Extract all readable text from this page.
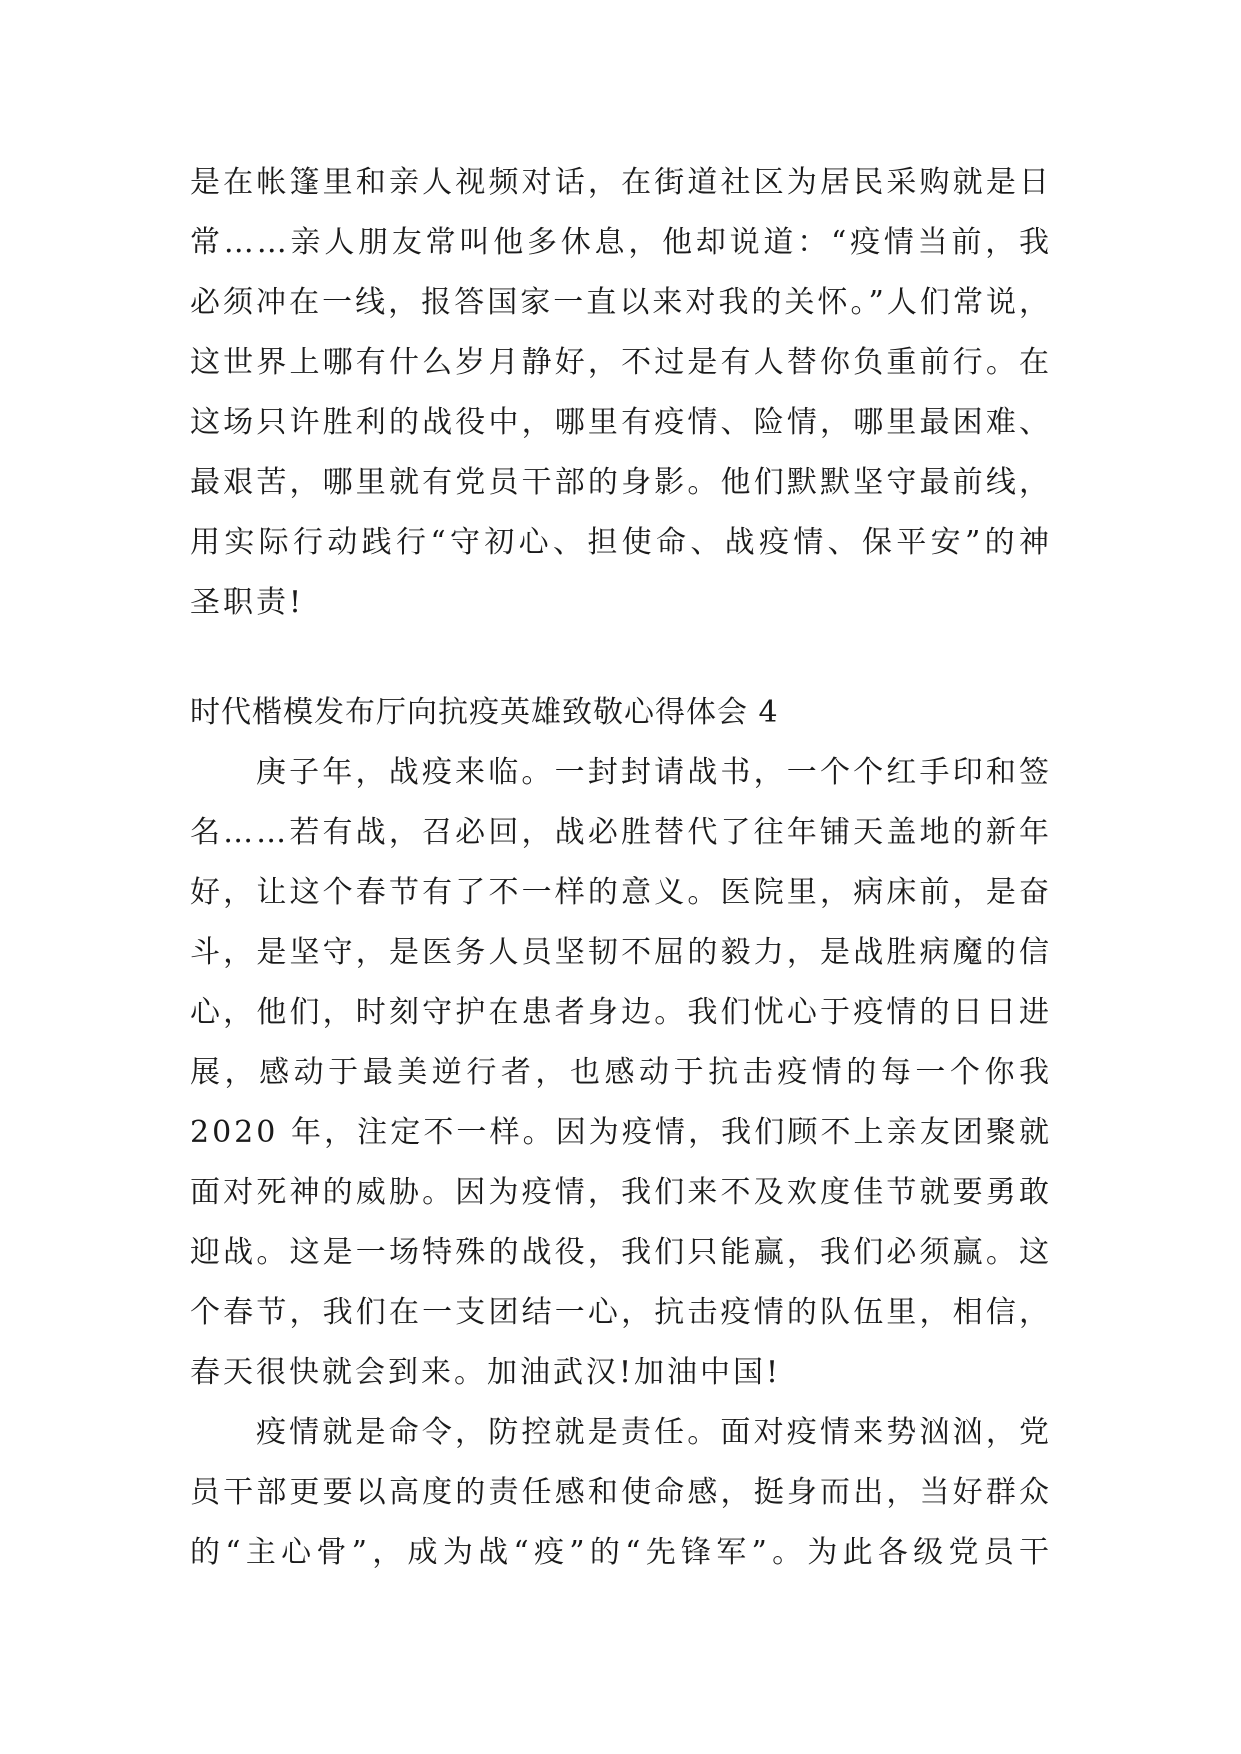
是在帐篷里和亲人视频对话，在街道社区为居民采购就是日
常……亲人朋友常叫他多休息，他却说道：“疫情当前，我
必须冲在一线，报答国家一直以来对我的关怀。”人们常说，
这世界上哪有什么岁月静好，不过是有人替你负重前行。在
这场只许胜利的战役中，哪里有疫情、险情，哪里最困难、
最艰苦，哪里就有党员干部的身影。他们默默坚守最前线，
用实际行动践行“守初心、担使命、战疫情、保平安”的神
圣职责!
时代楷模发布厅向抗疫英雄致敬心得体会 4
庚子年，战疫来临。一封封请战书，一个个红手印和签
名……若有战，召必回，战必胜替代了往年铺天盖地的新年
好，让这个春节有了不一样的意义。医院里，病床前，是奋
斗，是坚守，是医务人员坚韧不屈的毅力，是战胜病魔的信
心，他们，时刻守护在患者身边。我们忧心于疫情的日日进
展，感动于最美逆行者，也感动于抗击疫情的每一个你我
2020 年，注定不一样。因为疫情，我们顾不上亲友团聚就
面对死神的威胁。因为疫情，我们来不及欢度佳节就要勇敢
迎战。这是一场特殊的战役，我们只能赢，我们必须赢。这
个春节，我们在一支团结一心，抗击疫情的队伍里，相信，
春天很快就会到来。加油武汉!加油中国!
疫情就是命令，防控就是责任。面对疫情来势汹汹，党
员干部更要以高度的责任感和使命感，挺身而出，当好群众
的“主心骨”，成为战“疫”的“先锋军”。为此各级党员干
